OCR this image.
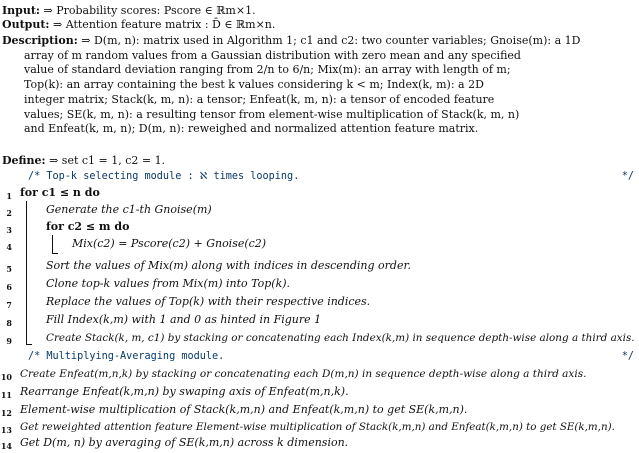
Input: ⇒ Probability scores: Pscore ∈ ℝm×1.
Output: ⇒ Attention feature matrix : D̄ ∈ ℝm×n.
Description: ⇒ D(m, n): matrix used in Algorithm 1; c1 and c2: two counter variables; Gnoise(m): a 1D
array of m random values from a Gaussian distribution with zero mean and any specified
value of standard deviation ranging from 2/n to 6/n; Mix(m): an array with length of m;
Top(k): an array containing the best k values considering k < m; Index(k, m): a 2D
integer matrix; Stack(k, m, n): a tensor; Enfeat(k, m, n): a tensor of encoded feature
values; SE(k, m, n): a resulting tensor from element-wise multiplication of Stack(k, m, n)
and Enfeat(k, m, n); D(m, n): reweighed and normalized attention feature matrix.
Define: ⇒ set c1 = 1, c2 = 1.
/* Top-k selecting module : ℵ times looping.	*/
1 for c1 ≤ n do
2	Generate the c1-th Gnoise(m)
3	for c2 ≤ m do
4	Mix(c2) = Pscore(c2) + Gnoise(c2)
5	Sort the values of Mix(m) along with indices in descending order.
6	Clone top-k values from Mix(m) into Top(k).
7	Replace the values of Top(k) with their respective indices.
8	Fill Index(k,m) with 1 and 0 as hinted in Figure 1
9	Create Stack(k, m, c1) by stacking or concatenating each Index(k,m) in sequence depth-wise along a third axis.
/* Multiplying-Averaging module.	*/
10 Create Enfeat(m,n,k) by stacking or concatenating each D(m,n) in sequence depth-wise along a third axis.
11 Rearrange Enfeat(k,m,n) by swaping axis of Enfeat(m,n,k).
12 Element-wise multiplication of Stack(k,m,n) and Enfeat(k,m,n) to get SE(k,m,n).
13 Get reweighted attention feature Element-wise multiplication of Stack(k,m,n) and Enfeat(k,m,n) to get SE(k,m,n).
14 Get D(m, n) by averaging of SE(k,m,n) across k dimension.
